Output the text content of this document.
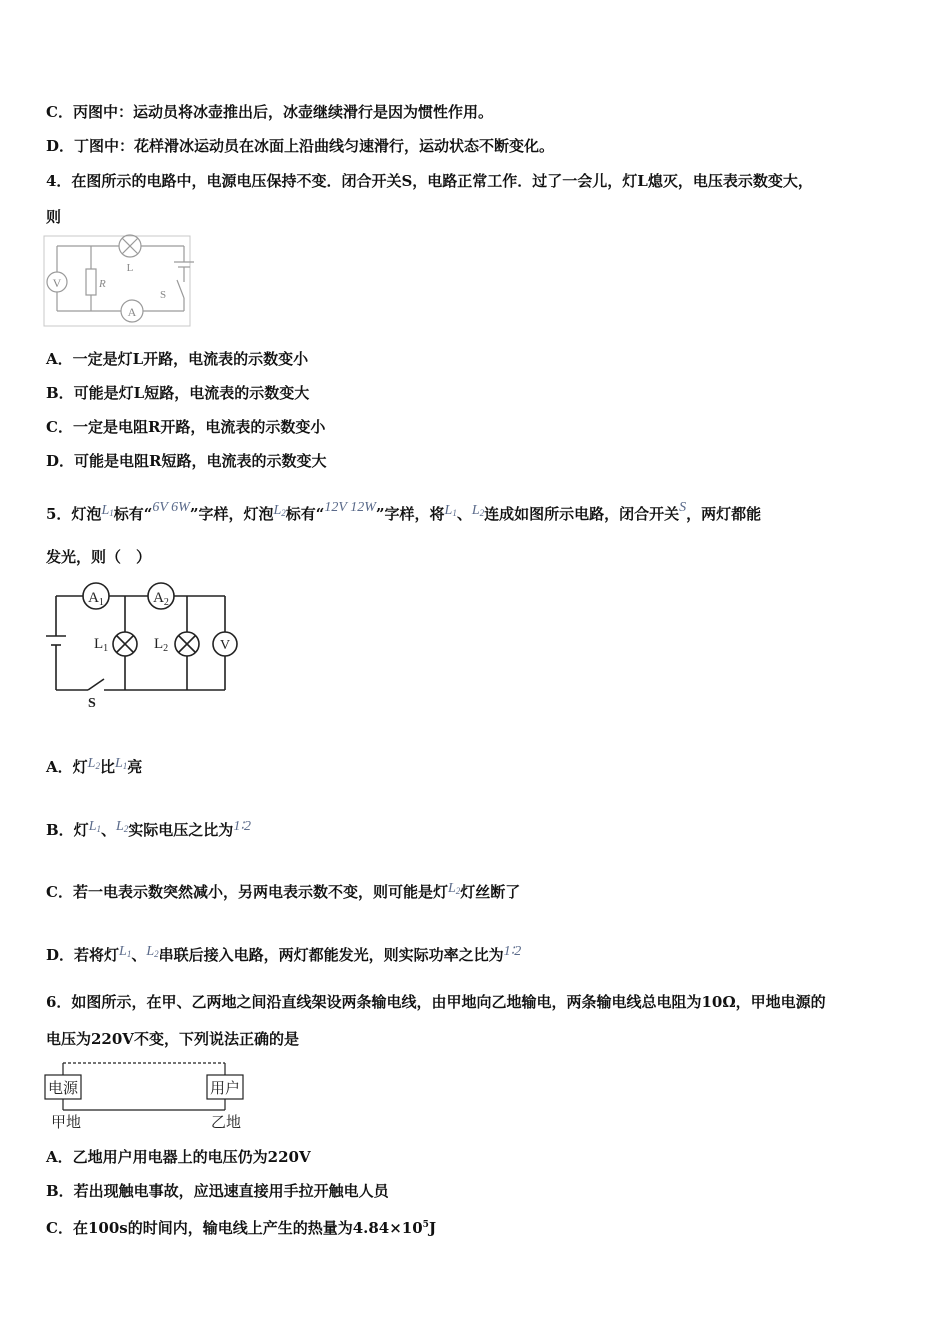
C．丙图中：运动员将冰壶推出后，冰壶继续滑行是因为惯性作用。
D．丁图中：花样滑冰运动员在冰面上沿曲线匀速滑行，运动状态不断变化。
4．在图所示的电路中，电源电压保持不变．闭合开关S，电路正常工作．过了一会儿，灯L熄灭，电压表示数变大，
则
V	R
L
S
A
A．一定是灯L开路，电流表的示数变小
B．可能是灯L短路，电流表的示数变大
C．一定是电阻R开路，电流表的示数变小
D．可能是电阻R短路，电流表的示数变大
5．灯泡L1标有“6V 6W”字样，灯泡L2标有“12V 12W”字样，将L1、L2连成如图所示电路，闭合开关S，两灯都能
发光，则（　）
$A_1$	$A_2$
$L_1$	$L_2$	V
S
A．灯L2比L1亮
B．灯L1、L2实际电压之比为1∶2
C．若一电表示数突然减小，另两电表示数不变，则可能是灯L2灯丝断了
D．若将灯L1、L2串联后接入电路，两灯都能发光，则实际功率之比为1∶2
6．如图所示，在甲、乙两地之间沿直线架设两条输电线，由甲地向乙地输电，两条输电线总电阻为10Ω，甲地电源的
电压为220V不变，下列说法正确的是
电源	用户
甲地	乙地
A．乙地用户用电器上的电压仍为220V
B．若出现触电事故，应迅速直接用手拉开触电人员
C．在100s的时间内，输电线上产生的热量为$4.84\times 10^5J$
